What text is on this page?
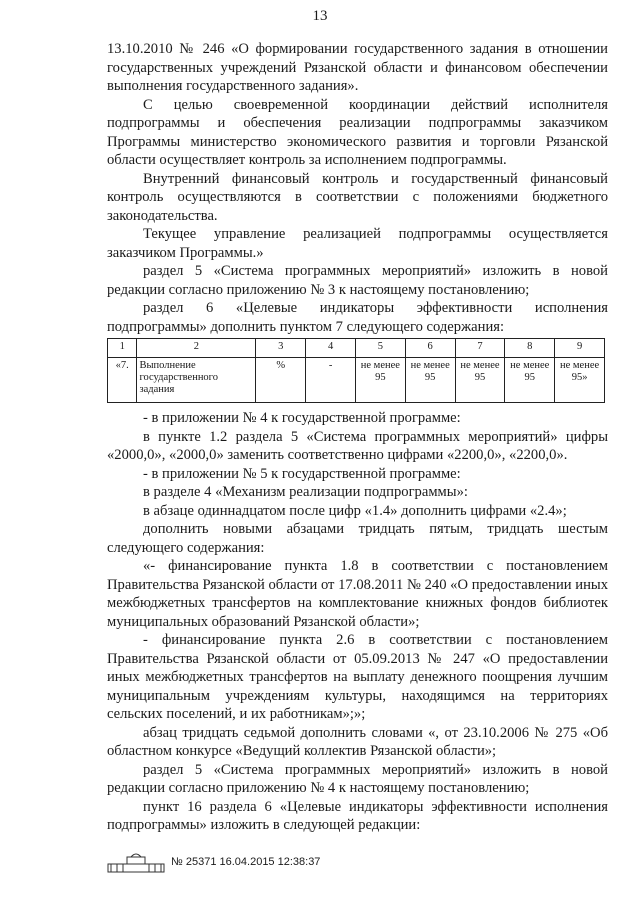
13

13.10.2010 № 246 «О формировании государственного задания в отношении государственных учреждений Рязанской области и финансовом обеспечении выполнения государственного задания».

С целью своевременной координации действий исполнителя подпрограммы и обеспечения реализации подпрограммы заказчиком Программы министерство экономического развития и торговли Рязанской области осуществляет контроль за исполнением подпрограммы.

Внутренний финансовый контроль и государственный финансовый контроль осуществляются в соответствии с положениями бюджетного законодательства.

Текущее управление реализацией подпрограммы осуществляется заказчиком Программы.»

раздел 5 «Система программных мероприятий» изложить в новой редакции согласно приложению № 3 к настоящему постановлению;

раздел 6 «Целевые индикаторы эффективности исполнения подпрограммы» дополнить пунктом 7 следующего содержания:

1	2	3	4	5	6	7	8	9
«7.	Выполнение государственного задания	%	-	не менее 95	не менее 95	не менее 95	не менее 95	не менее 95»

- в приложении № 4 к государственной программе:

в пункте 1.2 раздела 5 «Система программных мероприятий» цифры «2000,0», «2000,0» заменить соответственно цифрами «2200,0», «2200,0».

- в приложении № 5 к государственной программе:

в разделе 4 «Механизм реализации подпрограммы»:

в абзаце одиннадцатом после цифр «1.4» дополнить цифрами «2.4»;

дополнить новыми абзацами тридцать пятым, тридцать шестым следующего содержания:

«- финансирование пункта 1.8 в соответствии с постановлением Правительства Рязанской области от 17.08.2011 № 240 «О предоставлении иных межбюджетных трансфертов на комплектование книжных фондов библиотек муниципальных образований Рязанской области»;

- финансирование пункта 2.6 в соответствии с постановлением Правительства Рязанской области от 05.09.2013 № 247 «О предоставлении иных межбюджетных трансфертов на выплату денежного поощрения лучшим муниципальным учреждениям культуры, находящимся на территориях сельских поселений, и их работникам»;»;

абзац тридцать седьмой дополнить словами «, от 23.10.2006 № 275 «Об областном конкурсе «Ведущий коллектив Рязанской области»;

раздел 5 «Система программных мероприятий» изложить в новой редакции согласно приложению № 4 к настоящему постановлению;

пункт 16 раздела 6 «Целевые индикаторы эффективности исполнения подпрограммы» изложить в следующей редакции:

№ 25371 16.04.2015 12:38:37
